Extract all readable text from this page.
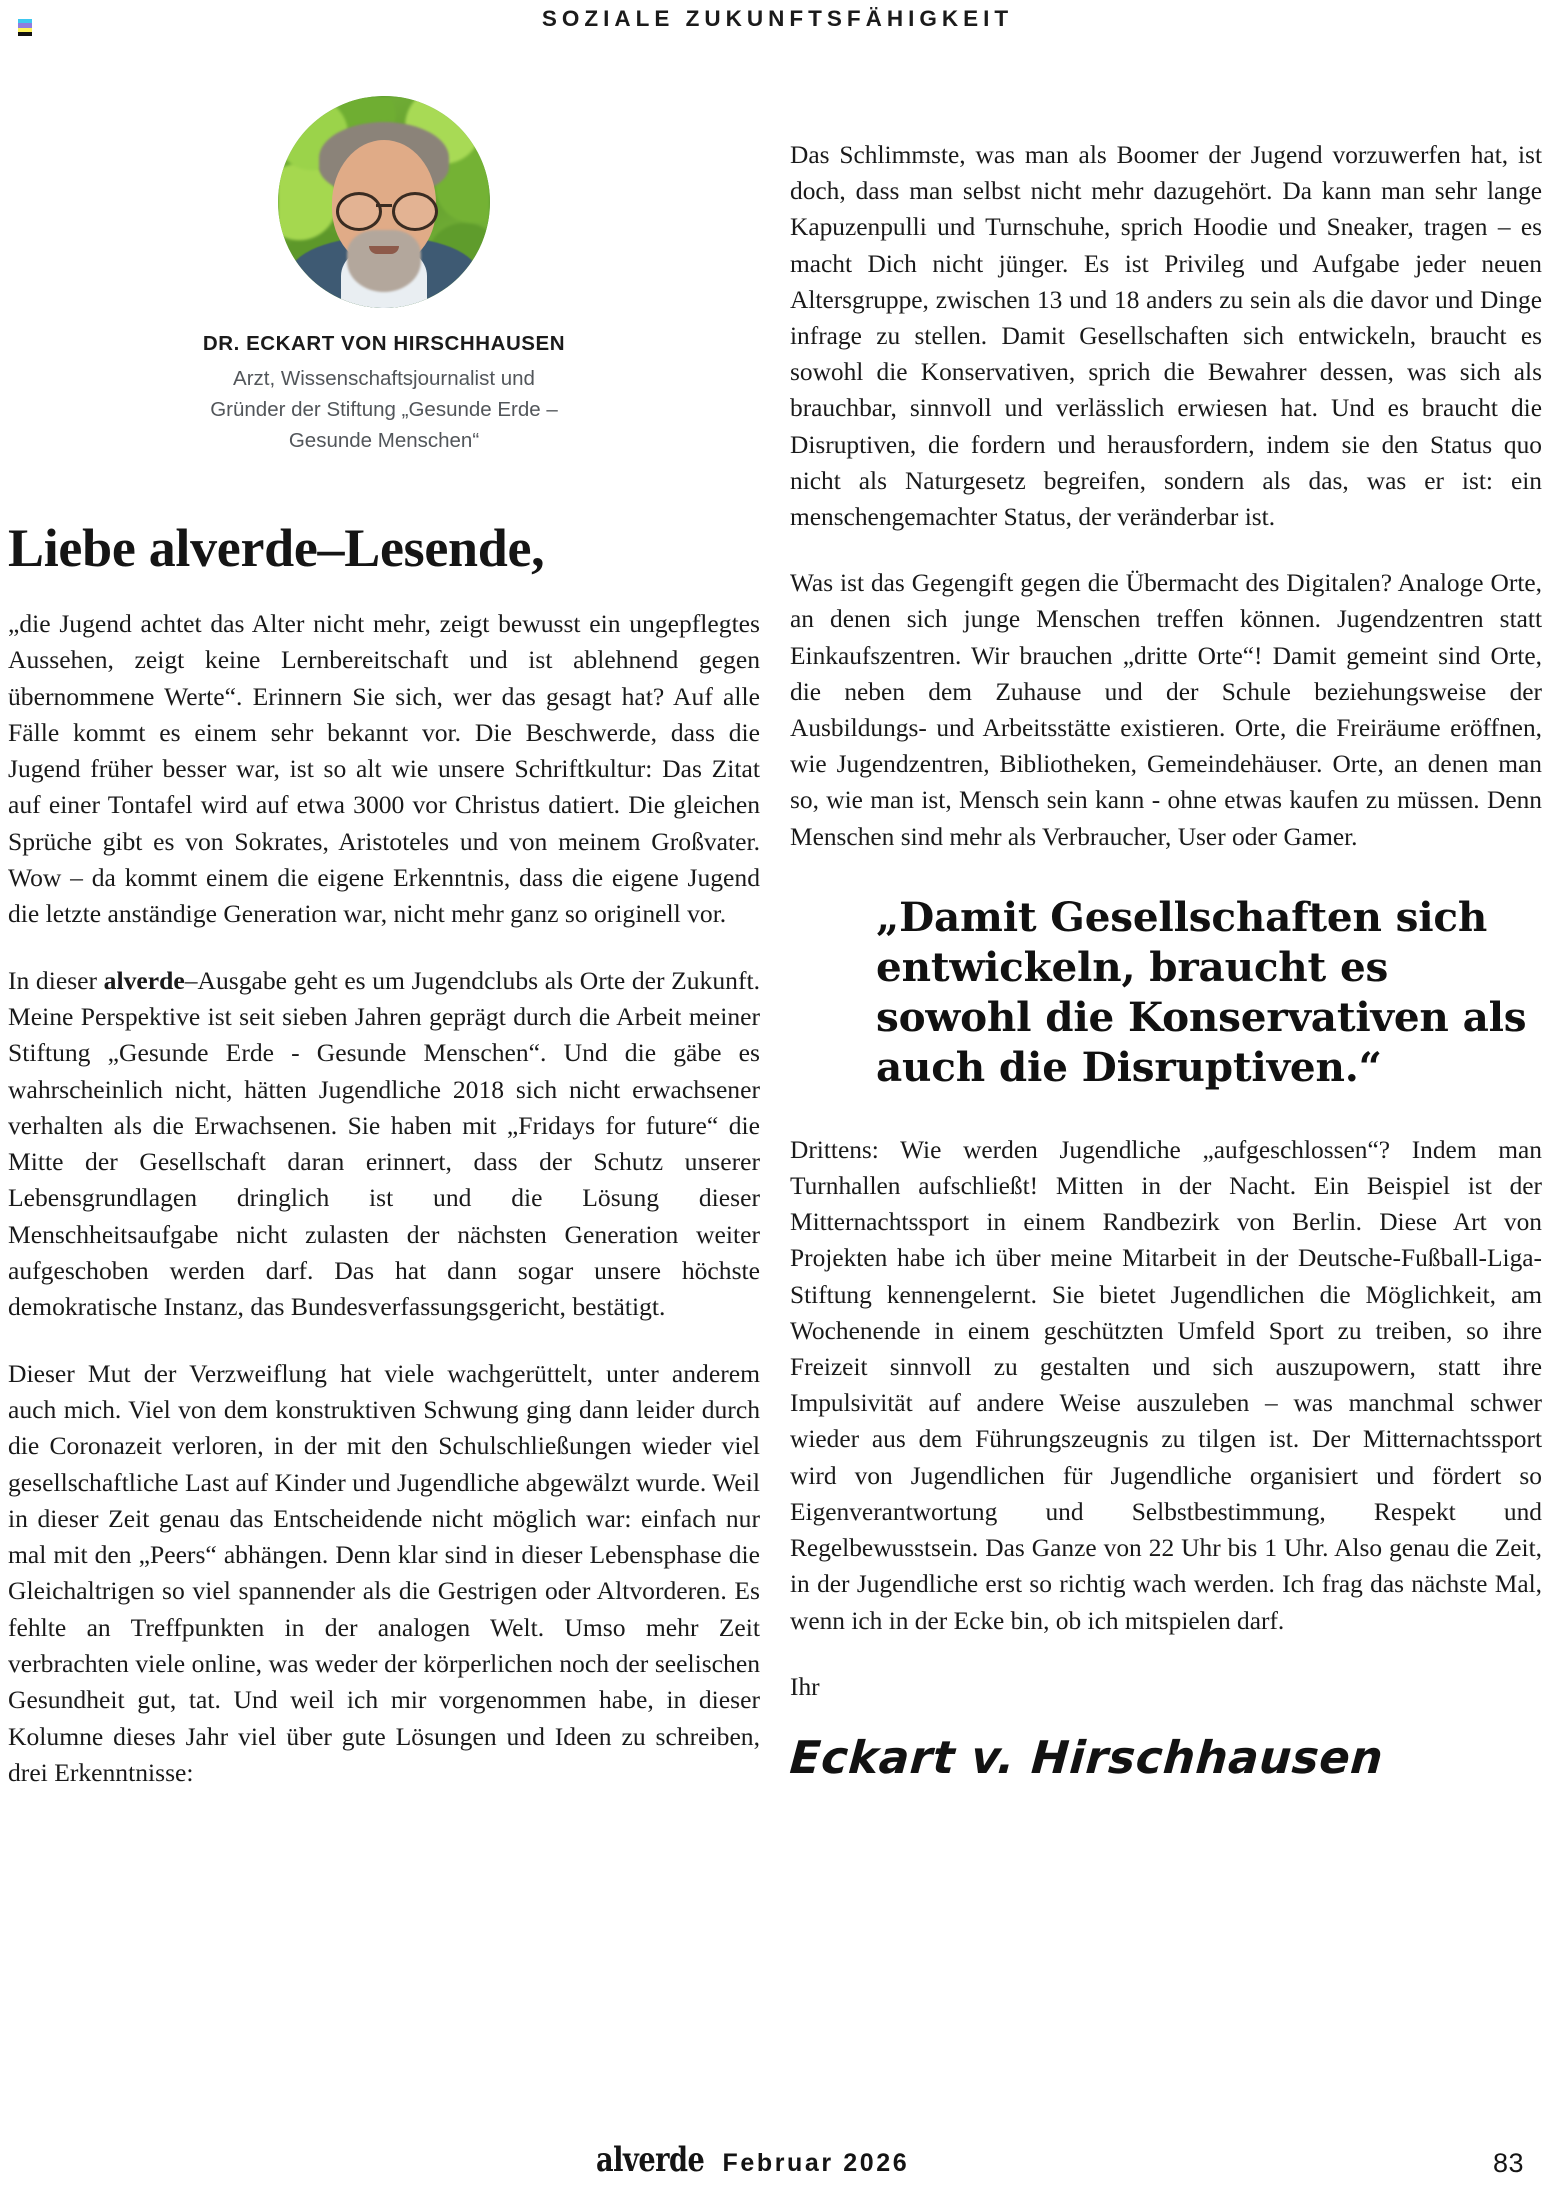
SOZIALE ZUKUNFTSFÄHIGKEIT
DR. ECKART VON HIRSCHHAUSEN
Arzt, Wissenschaftsjournalist und
Gründer der Stiftung „Gesunde Erde –
Gesunde Menschen“
Liebe alverde–Lesende,

„die Jugend achtet das Alter nicht mehr, zeigt bewusst ein ungepflegtes Aussehen, zeigt keine Lernbereitschaft und ist ablehnend gegen übernommene Werte“. Erinnern Sie sich, wer das gesagt hat? Auf alle Fälle kommt es einem sehr bekannt vor. Die Beschwerde, dass die Jugend früher besser war, ist so alt wie unsere Schriftkultur: Das Zitat auf einer Tontafel wird auf etwa 3000 vor Christus datiert. Die gleichen Sprüche gibt es von Sokrates, Aristoteles und von meinem Großvater. Wow – da kommt einem die eigene Erkenntnis, dass die eigene Jugend die letzte anständige Generation war, nicht mehr ganz so originell vor.

In dieser alverde–Ausgabe geht es um Jugendclubs als Orte der Zukunft. Meine Perspektive ist seit sieben Jahren geprägt durch die Arbeit meiner Stiftung „Gesunde Erde - Gesunde Menschen“. Und die gäbe es wahrscheinlich nicht, hätten Jugendliche 2018 sich nicht erwachsener verhalten als die Erwachsenen. Sie haben mit „Fridays for future“ die Mitte der Gesellschaft daran erinnert, dass der Schutz unserer Lebensgrundlagen dringlich ist und die Lösung dieser Menschheitsaufgabe nicht zulasten der nächsten Generation weiter aufgeschoben werden darf. Das hat dann sogar unsere höchste demokratische Instanz, das Bundesverfassungsgericht, bestätigt.

Dieser Mut der Verzweiflung hat viele wachgerüttelt, unter anderem auch mich. Viel von dem konstruktiven Schwung ging dann leider durch die Coronazeit verloren, in der mit den Schulschließungen wieder viel gesellschaftliche Last auf Kinder und Jugendliche abgewälzt wurde. Weil in dieser Zeit genau das Entscheidende nicht möglich war: einfach nur mal mit den „Peers“ abhängen. Denn klar sind in dieser Lebensphase die Gleichaltrigen so viel spannender als die Gestrigen oder Altvorderen. Es fehlte an Treffpunkten in der analogen Welt. Umso mehr Zeit verbrachten viele online, was weder der körperlichen noch der seelischen Gesundheit gut, tat. Und weil ich mir vorgenommen habe, in dieser Kolumne dieses Jahr viel über gute Lösungen und Ideen zu schreiben, drei Erkenntnisse:

Das Schlimmste, was man als Boomer der Jugend vorzuwerfen hat, ist doch, dass man selbst nicht mehr dazugehört. Da kann man sehr lange Kapuzenpulli und Turnschuhe, sprich Hoodie und Sneaker, tragen – es macht Dich nicht jünger. Es ist Privileg und Aufgabe jeder neuen Altersgruppe, zwischen 13 und 18 anders zu sein als die davor und Dinge infrage zu stellen. Damit Gesellschaften sich entwickeln, braucht es sowohl die Konservativen, sprich die Bewahrer dessen, was sich als brauchbar, sinnvoll und verlässlich erwiesen hat. Und es braucht die Disruptiven, die fordern und herausfordern, indem sie den Status quo nicht als Naturgesetz begreifen, sondern als das, was er ist: ein menschengemachter Status, der veränderbar ist.

Was ist das Gegengift gegen die Übermacht des Digitalen? Analoge Orte, an denen sich junge Menschen treffen können. Jugendzentren statt Einkaufszentren. Wir brauchen „dritte Orte“! Damit gemeint sind Orte, die neben dem Zuhause und der Schule beziehungsweise der Ausbildungs- und Arbeitsstätte existieren. Orte, die Freiräume eröffnen, wie Jugendzentren, Bibliotheken, Gemeindehäuser. Orte, an denen man so, wie man ist, Mensch sein kann - ohne etwas kaufen zu müssen. Denn Menschen sind mehr als Verbraucher, User oder Gamer.

„Damit Gesellschaften sich entwickeln, braucht es sowohl die Konservativen als auch die Disruptiven.“

Drittens: Wie werden Jugendliche „aufgeschlossen“? Indem man Turnhallen aufschließt! Mitten in der Nacht. Ein Beispiel ist der Mitternachtssport in einem Randbezirk von Berlin. Diese Art von Projekten habe ich über meine Mitarbeit in der Deutsche-Fußball-Liga-Stiftung kennengelernt. Sie bietet Jugendlichen die Möglichkeit, am Wochenende in einem geschützten Umfeld Sport zu treiben, so ihre Freizeit sinnvoll zu gestalten und sich auszupowern, statt ihre Impulsivität auf andere Weise auszuleben – was manchmal schwer wieder aus dem Führungszeugnis zu tilgen ist. Der Mitternachtssport wird von Jugendlichen für Jugendliche organisiert und fördert so Eigenverantwortung und Selbstbestimmung, Respekt und Regelbewusstsein. Das Ganze von 22 Uhr bis 1 Uhr. Also genau die Zeit, in der Jugendliche erst so richtig wach werden. Ich frag das nächste Mal, wenn ich in der Ecke bin, ob ich mitspielen darf.

Ihr

Eckart v. Hirschhausen
alverde Februar 2026	83
